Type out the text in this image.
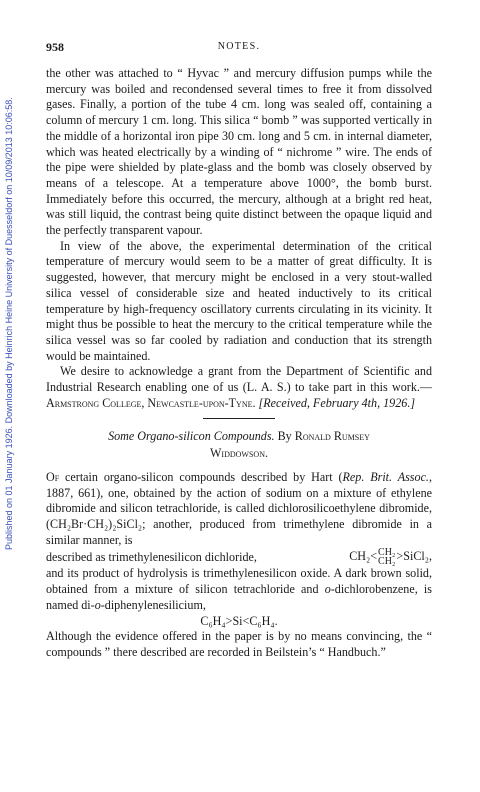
Published on 01 January 1926. Downloaded by Heinrich Heine University of Duesseldorf on 10/09/2013 10:06:58.
958	NOTES.

the other was attached to “ Hyvac ” and mercury diffusion pumps while the mercury was boiled and recondensed several times to free it from dissolved gases. Finally, a portion of the tube 4 cm. long was sealed off, containing a column of mercury 1 cm. long. This silica “ bomb ” was supported vertically in the middle of a horizontal iron pipe 30 cm. long and 5 cm. in internal diameter, which was heated electrically by a winding of “ nichrome ” wire. The ends of the pipe were shielded by plate-glass and the bomb was closely observed by means of a telescope. At a temperature above 1000°, the bomb burst. Immediately before this occurred, the mercury, although at a bright red heat, was still liquid, the contrast being quite distinct between the opaque liquid and the perfectly transparent vapour.

In view of the above, the experimental determination of the critical temperature of mercury would seem to be a matter of great difficulty. It is suggested, however, that mercury might be enclosed in a very stout-walled silica vessel of considerable size and heated inductively to its critical temperature by high-frequency oscillatory currents circulating in its vicinity. It might thus be possible to heat the mercury to the critical temperature while the silica vessel was so far cooled by radiation and conduction that its strength would be maintained.

We desire to acknowledge a grant from the Department of Scientific and Industrial Research enabling one of us (L. A. S.) to take part in this work.—Armstrong College, Newcastle-upon-Tyne. [Received, February 4th, 1926.]

Some Organo-silicon Compounds. By Ronald Rumsey
Widdowson.

Of certain organo-silicon compounds described by Hart (Rep. Brit. Assoc., 1887, 661), one, obtained by the action of sodium on a mixture of ethylene dibromide and silicon tetrachloride, is called dichlorosilicoethylene dibromide, (CH₂Br·CH₂)₂SiCl₂; another, produced from trimethylene dibromide in a similar manner, is

described as trimethylenesilicon dichloride,	CH₂< CH₂
CH₂ >SiCl₂,

and its product of hydrolysis is trimethylenesilicon oxide. A dark brown solid, obtained from a mixture of silicon tetrachloride and o-dichlorobenzene, is named di-o-diphenylenesilicium,

C₆H₄>Si<C₆H₄.

Although the evidence offered in the paper is by no means convincing, the “ compounds ” there described are recorded in Beilstein’s “ Handbuch.”
